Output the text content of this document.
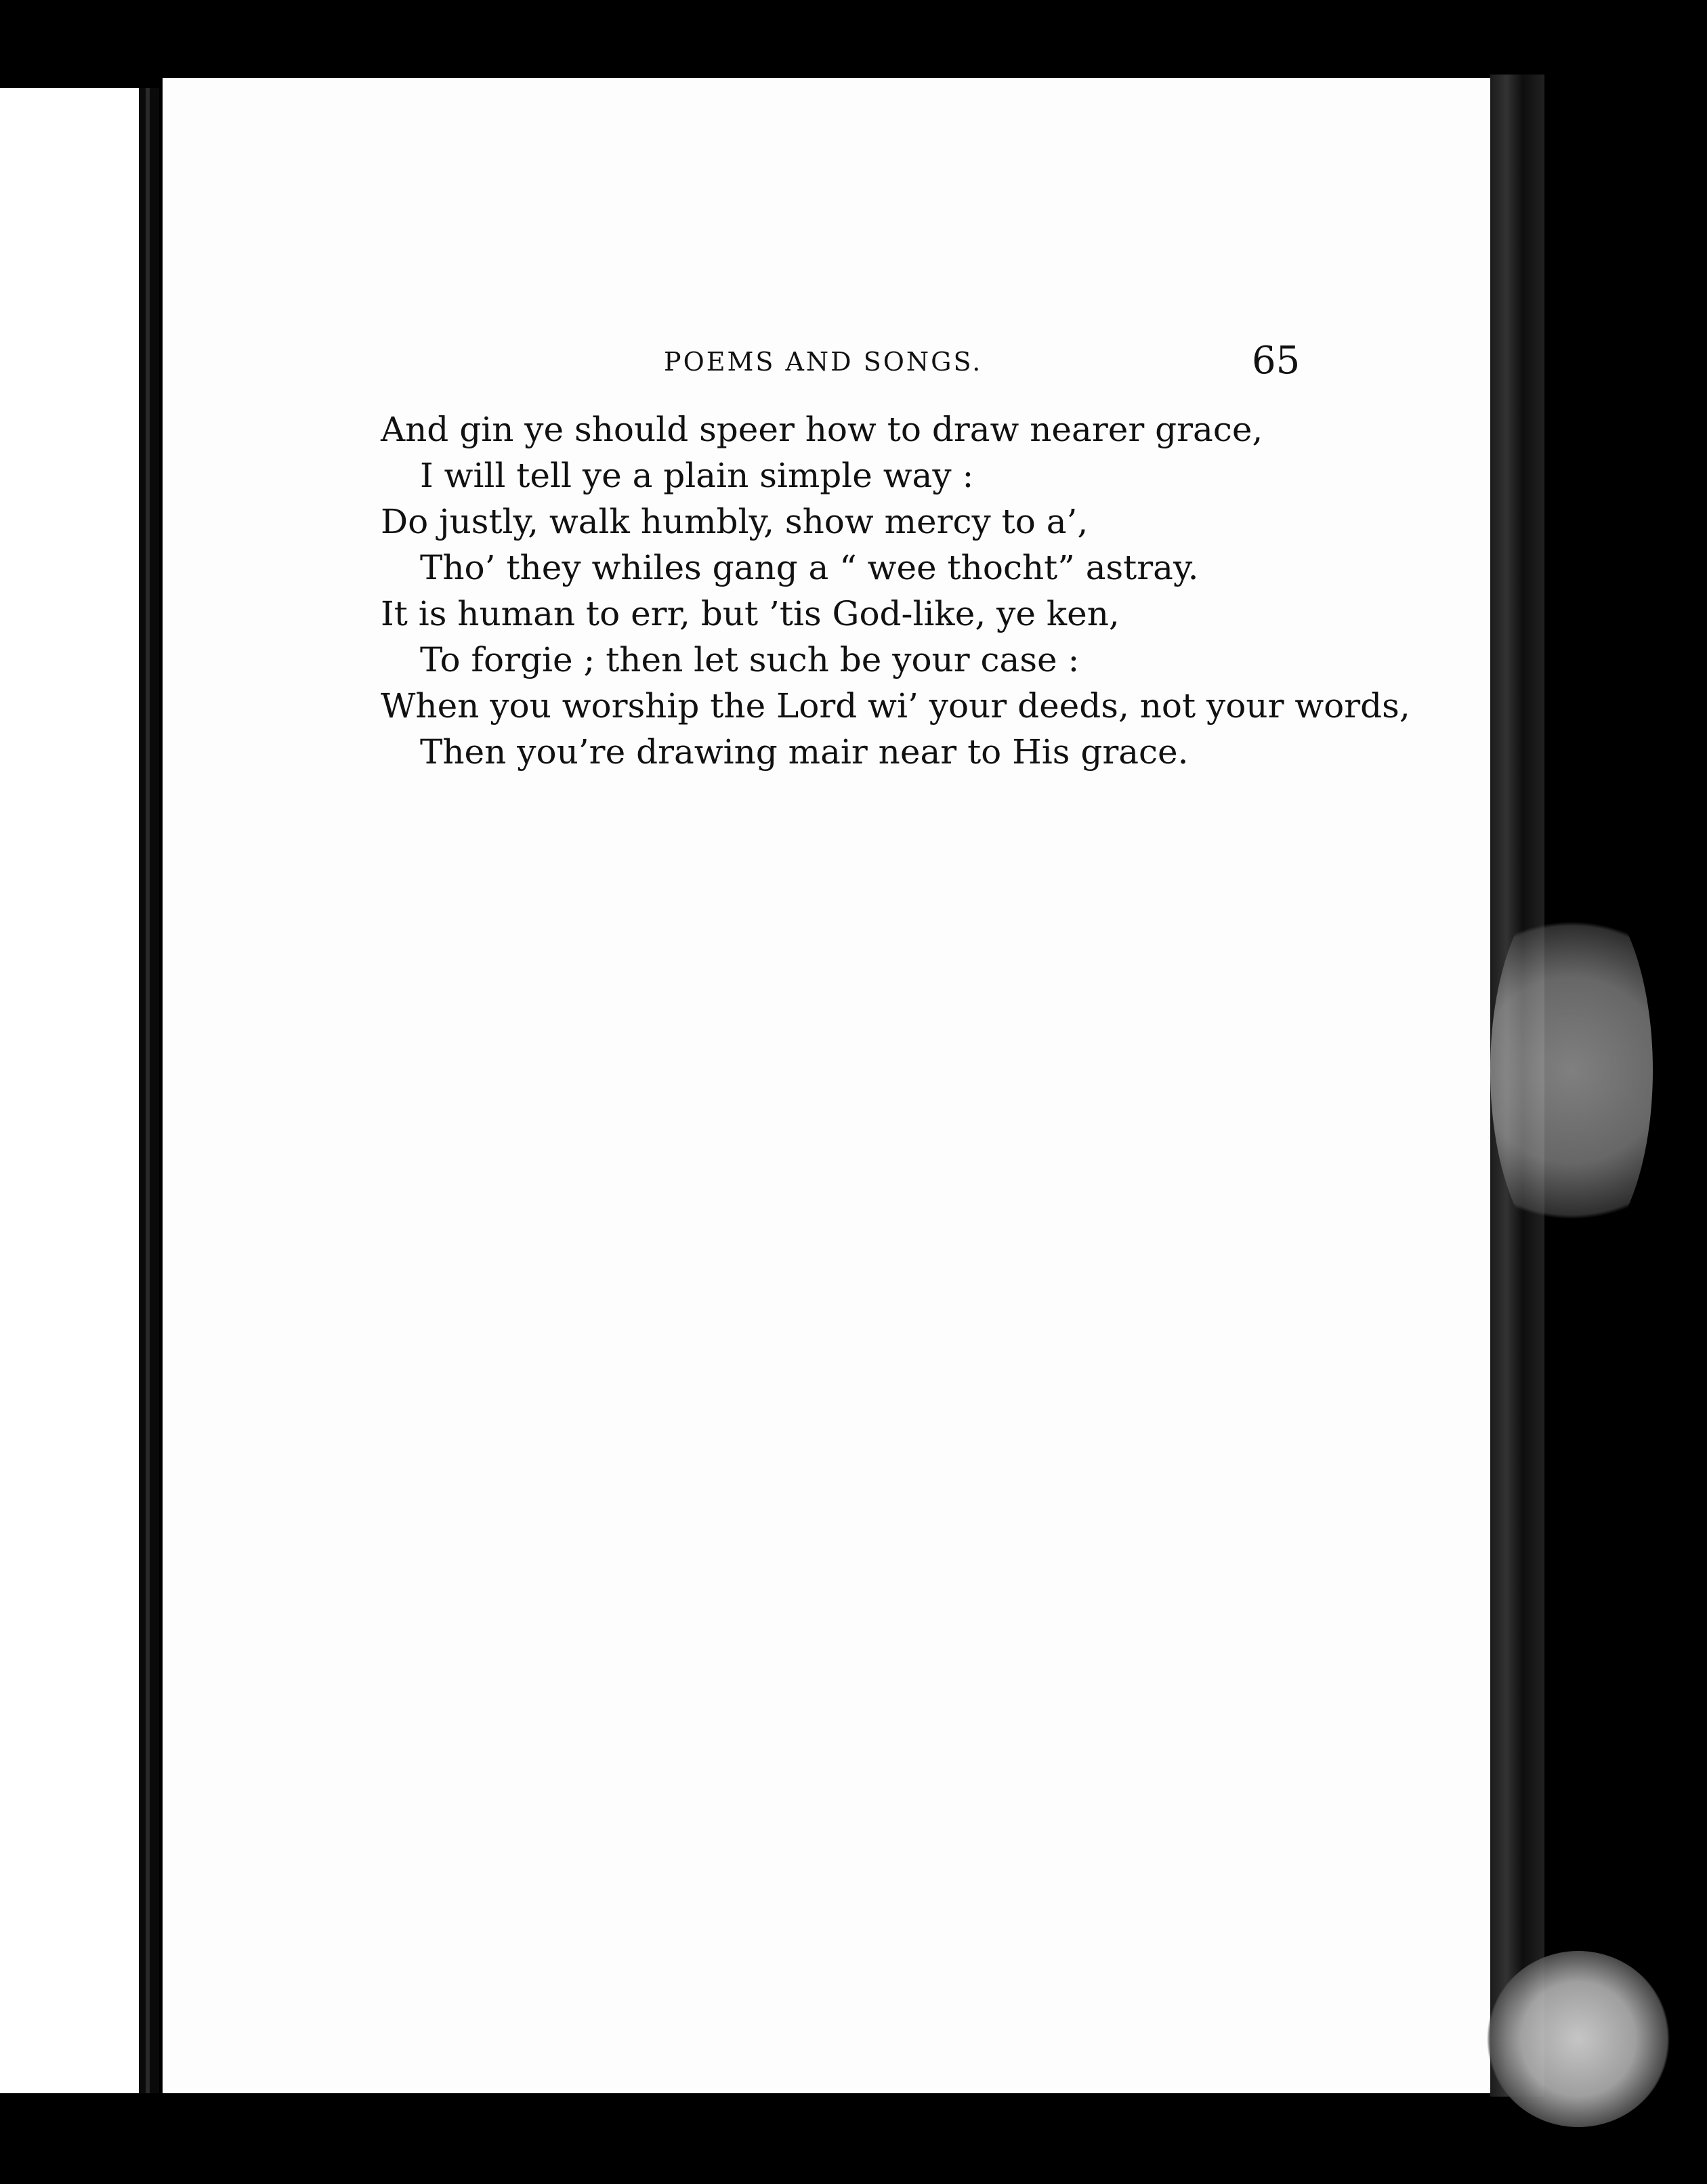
POEMS AND SONGS.	65
And gin ye should speer how to draw nearer grace,
I will tell ye a plain simple way :
Do justly, walk humbly, show mercy to a’,
Tho’ they whiles gang a “ wee thocht” astray.
It is human to err, but ’tis God-like, ye ken,
To forgie ; then let such be your case :
When you worship the Lord wi’ your deeds, not your words,
Then you’re drawing mair near to His grace.
